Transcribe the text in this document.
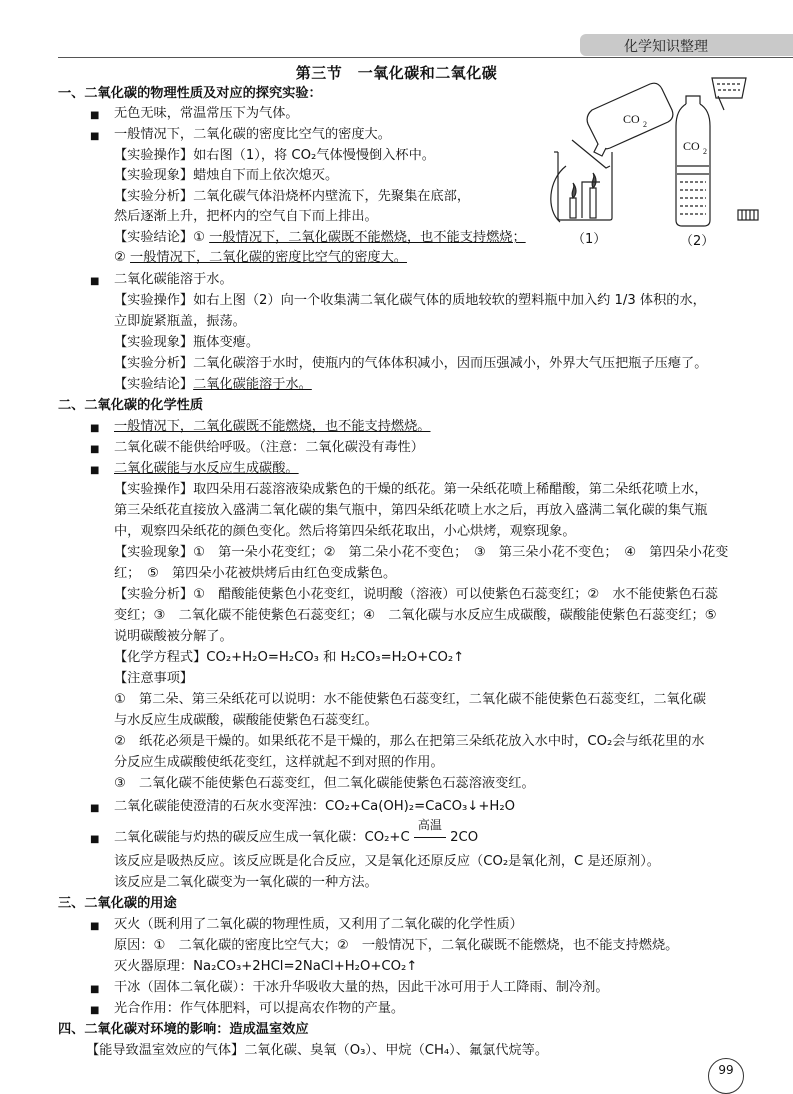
化学知识整理
第三节　一氧化碳和二氧化碳
CO 2
CO 2
（1）	（2）
一、二氧化碳的物理性质及对应的探究实验：
■ 无色无味，常温常压下为气体。
■ 一般情况下，二氧化碳的密度比空气的密度大。
【实验操作】如右图（1），将 CO₂气体慢慢倒入杯中。
【实验现象】蜡烛自下而上依次熄灭。
【实验分析】二氧化碳气体沿烧杯内壁流下，先聚集在底部，
然后逐渐上升，把杯内的空气自下而上排出。
【实验结论】① 一般情况下，二氧化碳既不能燃烧，也不能支持燃烧；
② 一般情况下，二氧化碳的密度比空气的密度大。
■ 二氧化碳能溶于水。
【实验操作】如右上图（2）向一个收集满二氧化碳气体的质地较软的塑料瓶中加入约 1/3 体积的水，
立即旋紧瓶盖，振荡。
【实验现象】瓶体变瘪。
【实验分析】二氧化碳溶于水时，使瓶内的气体体积减小，因而压强减小，外界大气压把瓶子压瘪了。
【实验结论】二氧化碳能溶于水。
二、二氧化碳的化学性质
■ 一般情况下，二氧化碳既不能燃烧，也不能支持燃烧。
■ 二氧化碳不能供给呼吸。（注意：二氧化碳没有毒性）
■ 二氧化碳能与水反应生成碳酸。
【实验操作】取四朵用石蕊溶液染成紫色的干燥的纸花。第一朵纸花喷上稀醋酸，第二朵纸花喷上水，
第三朵纸花直接放入盛满二氧化碳的集气瓶中，第四朵纸花喷上水之后，再放入盛满二氧化碳的集气瓶
中，观察四朵纸花的颜色变化。然后将第四朵纸花取出，小心烘烤，观察现象。
【实验现象】①　第一朵小花变红；②　第二朵小花不变色；　③　第三朵小花不变色；　④　第四朵小花变
红；　⑤　第四朵小花被烘烤后由红色变成紫色。
【实验分析】①　醋酸能使紫色小花变红，说明酸（溶液）可以使紫色石蕊变红；②　水不能使紫色石蕊
变红；③　二氧化碳不能使紫色石蕊变红；④　二氧化碳与水反应生成碳酸，碳酸能使紫色石蕊变红；⑤
说明碳酸被分解了。
【化学方程式】CO₂+H₂O=H₂CO₃ 和 H₂CO₃=H₂O+CO₂↑
【注意事项】
①　第二朵、第三朵纸花可以说明：水不能使紫色石蕊变红，二氧化碳不能使紫色石蕊变红，二氧化碳
与水反应生成碳酸，碳酸能使紫色石蕊变红。
②　纸花必须是干燥的。如果纸花不是干燥的，那么在把第三朵纸花放入水中时，CO₂会与纸花里的水
分反应生成碳酸使纸花变红，这样就起不到对照的作用。
③　二氧化碳不能使紫色石蕊变红，但二氧化碳能使紫色石蕊溶液变红。
■ 二氧化碳能使澄清的石灰水变浑浊：CO₂+Ca(OH)₂=CaCO₃↓+H₂O
■ 二氧化碳能与灼热的碳反应生成一氧化碳：CO₂+C
高温
2CO
该反应是吸热反应。该反应既是化合反应，又是氧化还原反应（CO₂是氧化剂，C 是还原剂）。
该反应是二氧化碳变为一氧化碳的一种方法。
三、二氧化碳的用途
■ 灭火（既利用了二氧化碳的物理性质，又利用了二氧化碳的化学性质）
原因：①　二氧化碳的密度比空气大；②　一般情况下，二氧化碳既不能燃烧，也不能支持燃烧。
灭火器原理：Na₂CO₃+2HCl=2NaCl+H₂O+CO₂↑
■ 干冰（固体二氧化碳）：干冰升华吸收大量的热，因此干冰可用于人工降雨、制冷剂。
■ 光合作用：作气体肥料，可以提高农作物的产量。
四、二氧化碳对环境的影响：造成温室效应
【能导致温室效应的气体】二氧化碳、臭氧（O₃）、甲烷（CH₄）、氟氯代烷等。
99
